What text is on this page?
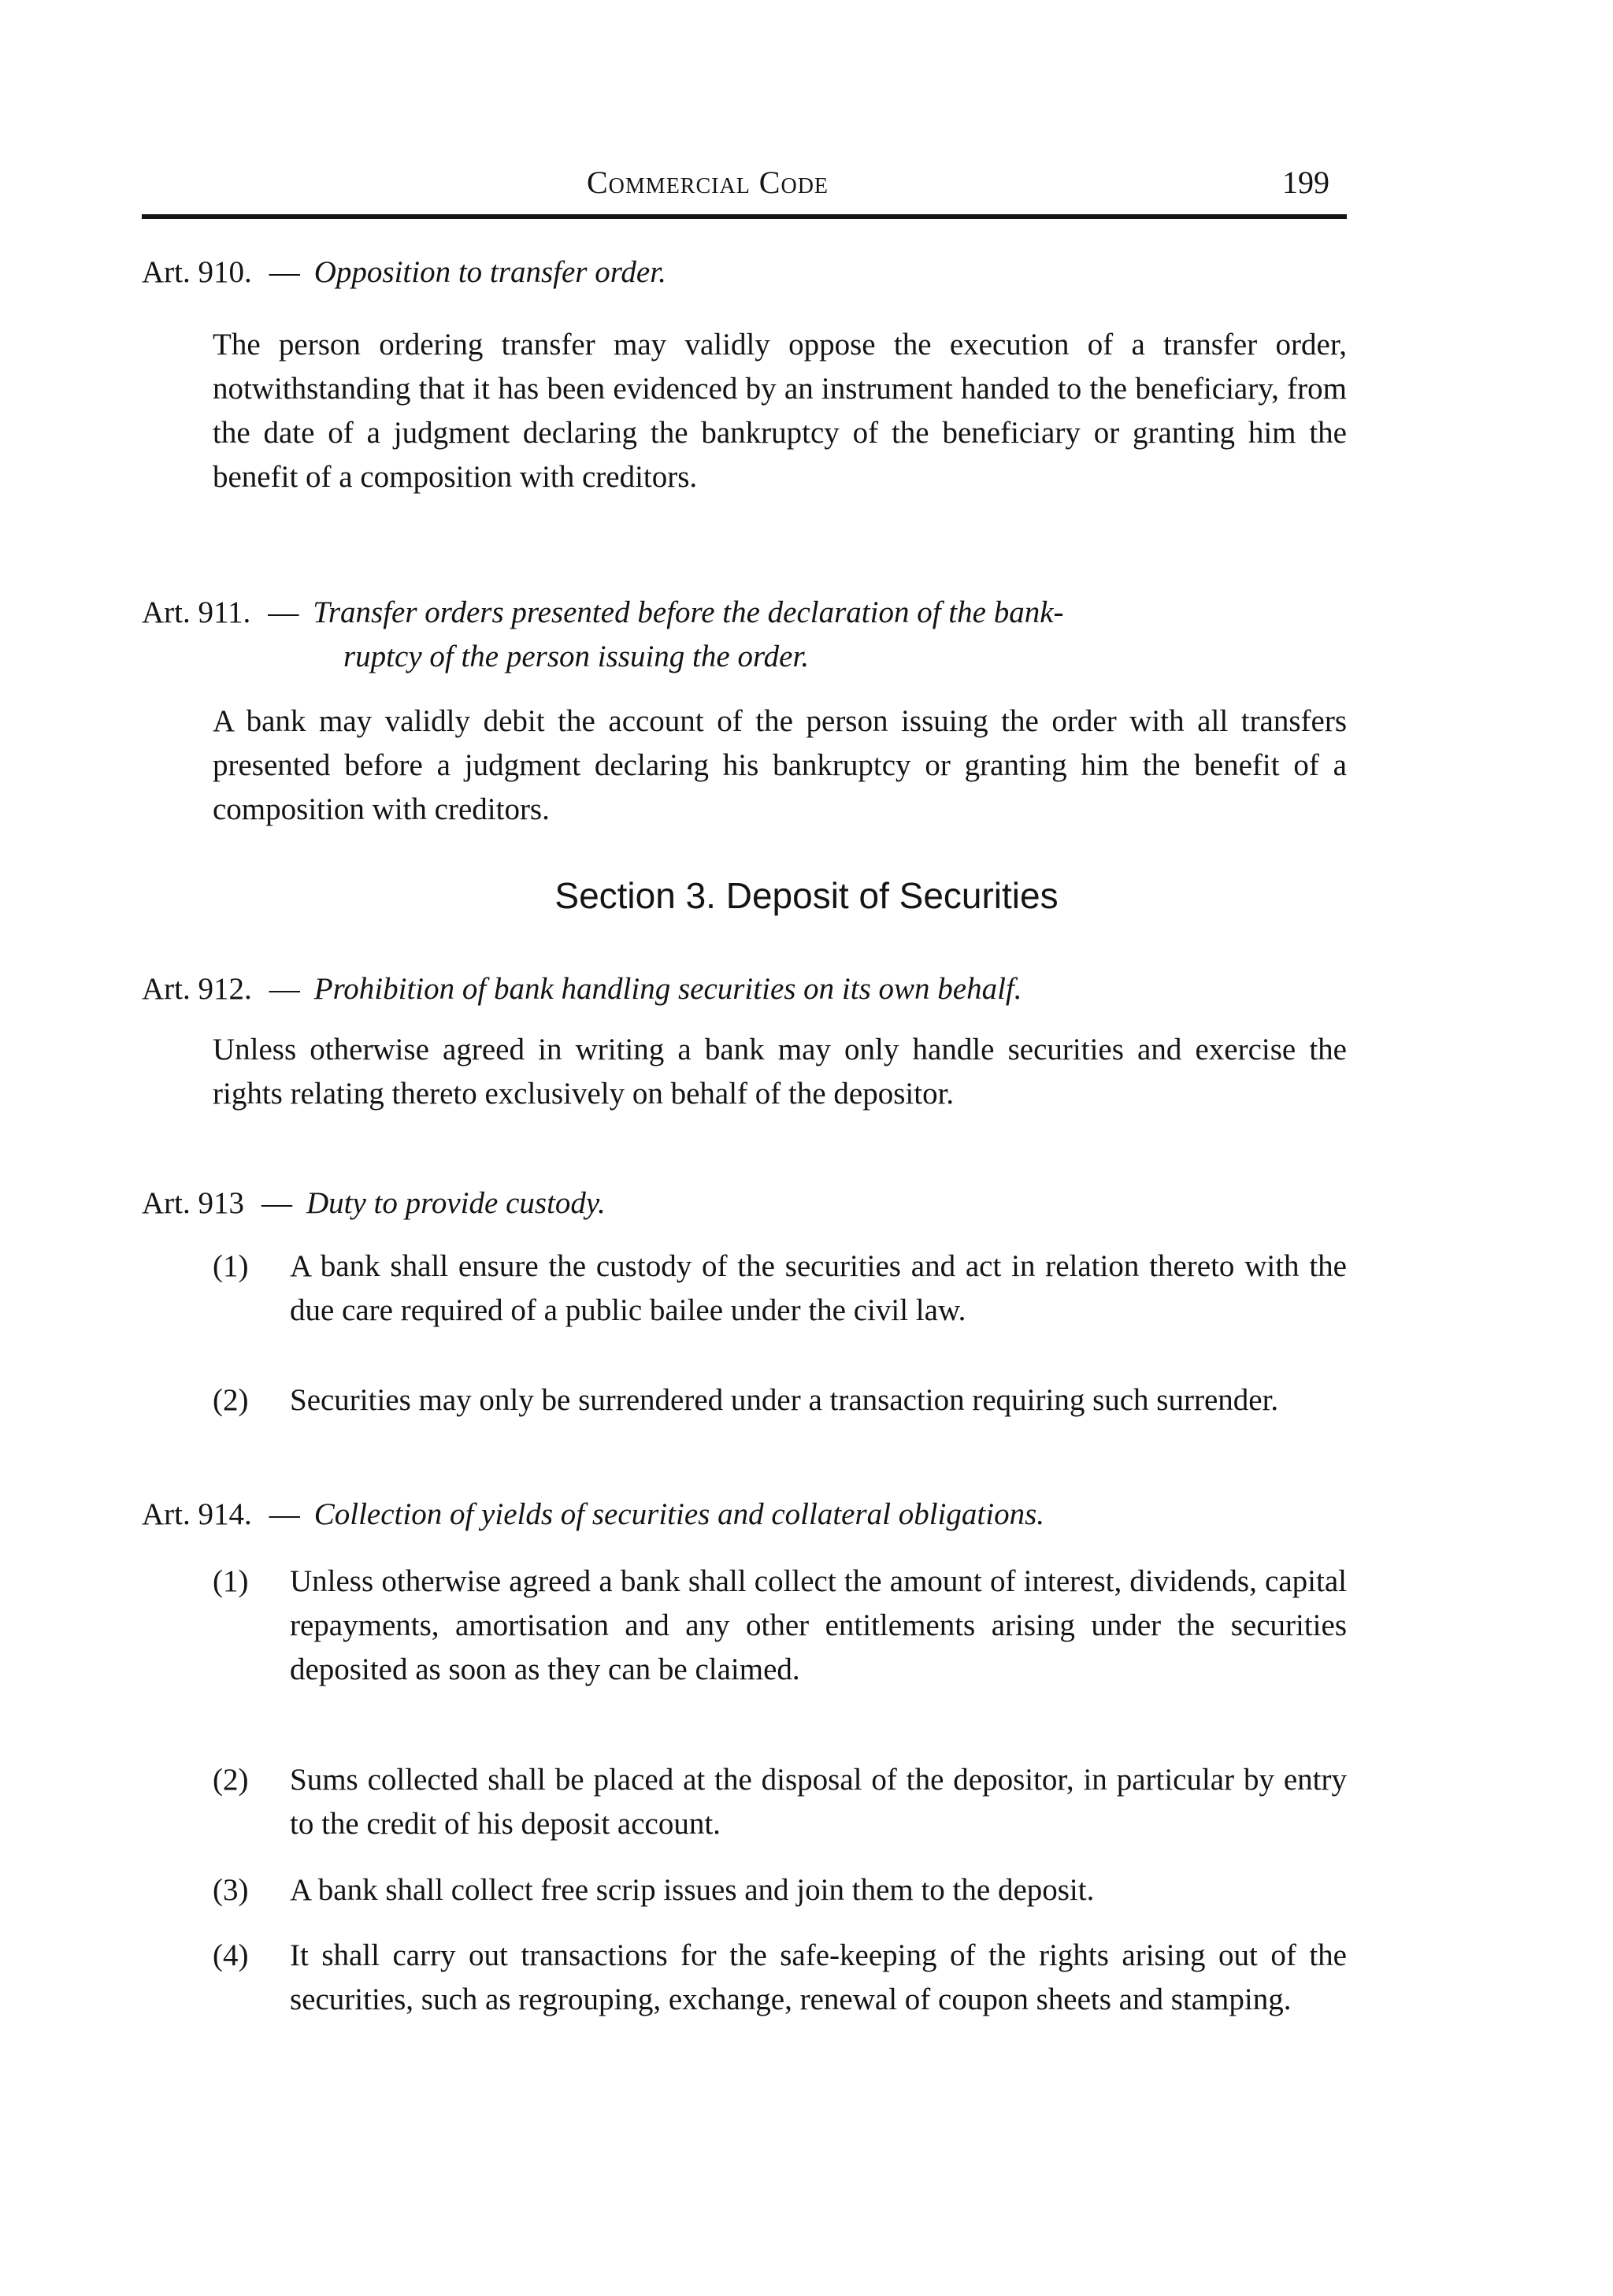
Commercial Code	199
Art. 910. — Opposition to transfer order.
The person ordering transfer may validly oppose the execution of a transfer order, notwithstanding that it has been evidenced by an instrument handed to the beneficiary, from the date of a judgment declaring the bankruptcy of the beneficiary or granting him the benefit of a composition with creditors.
Art. 911. — Transfer orders presented before the declaration of the bank-
ruptcy of the person issuing the order.
A bank may validly debit the account of the person issuing the order with all transfers presented before a judgment declaring his bankruptcy or granting him the benefit of a composition with creditors.
Section 3. Deposit of Securities
Art. 912. — Prohibition of bank handling securities on its own behalf.
Unless otherwise agreed in writing a bank may only handle securities and exercise the rights relating thereto exclusively on behalf of the depositor.
Art. 913 — Duty to provide custody.
(1)	A bank shall ensure the custody of the securities and act in relation thereto with the due care required of a public bailee under the civil law.
(2)	Securities may only be surrendered under a transaction requiring such surrender.
Art. 914. — Collection of yields of securities and collateral obligations.
(1)	Unless otherwise agreed a bank shall collect the amount of interest, dividends, capital repayments, amortisation and any other entitlements arising under the securities deposited as soon as they can be claimed.
(2)	Sums collected shall be placed at the disposal of the depositor, in particular by entry to the credit of his deposit account.
(3)	A bank shall collect free scrip issues and join them to the deposit.
(4)	It shall carry out transactions for the safe-keeping of the rights arising out of the securities, such as regrouping, exchange, renewal of coupon sheets and stamping.
